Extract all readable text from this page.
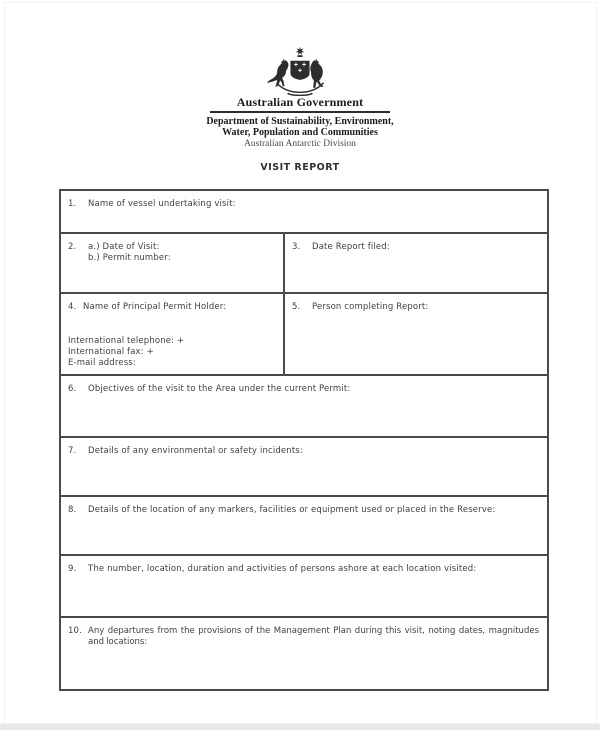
Australian Government
Department of Sustainability, Environment,
Water, Population and Communities
Australian Antarctic Division
VISIT REPORT
1. Name of vessel undertaking visit:	

2.	a.) Date of Visit:
b.) Permit number:

3.	Date Report filed:

4. Name of Principal Permit Holder:
International telephone: +
International fax: +
E-mail address:

5.	Person completing Report:

6. Objectives of the visit to the Area under the current Permit:	

7. Details of any environmental or safety incidents:	

8. Details of the location of any markers, facilities or equipment used or placed in the Reserve:	

9. The number, location, duration and activities of persons ashore at each location visited:	

10. Any departures from the provisions of the Management Plan during this visit, noting dates, magnitudes and locations:	
